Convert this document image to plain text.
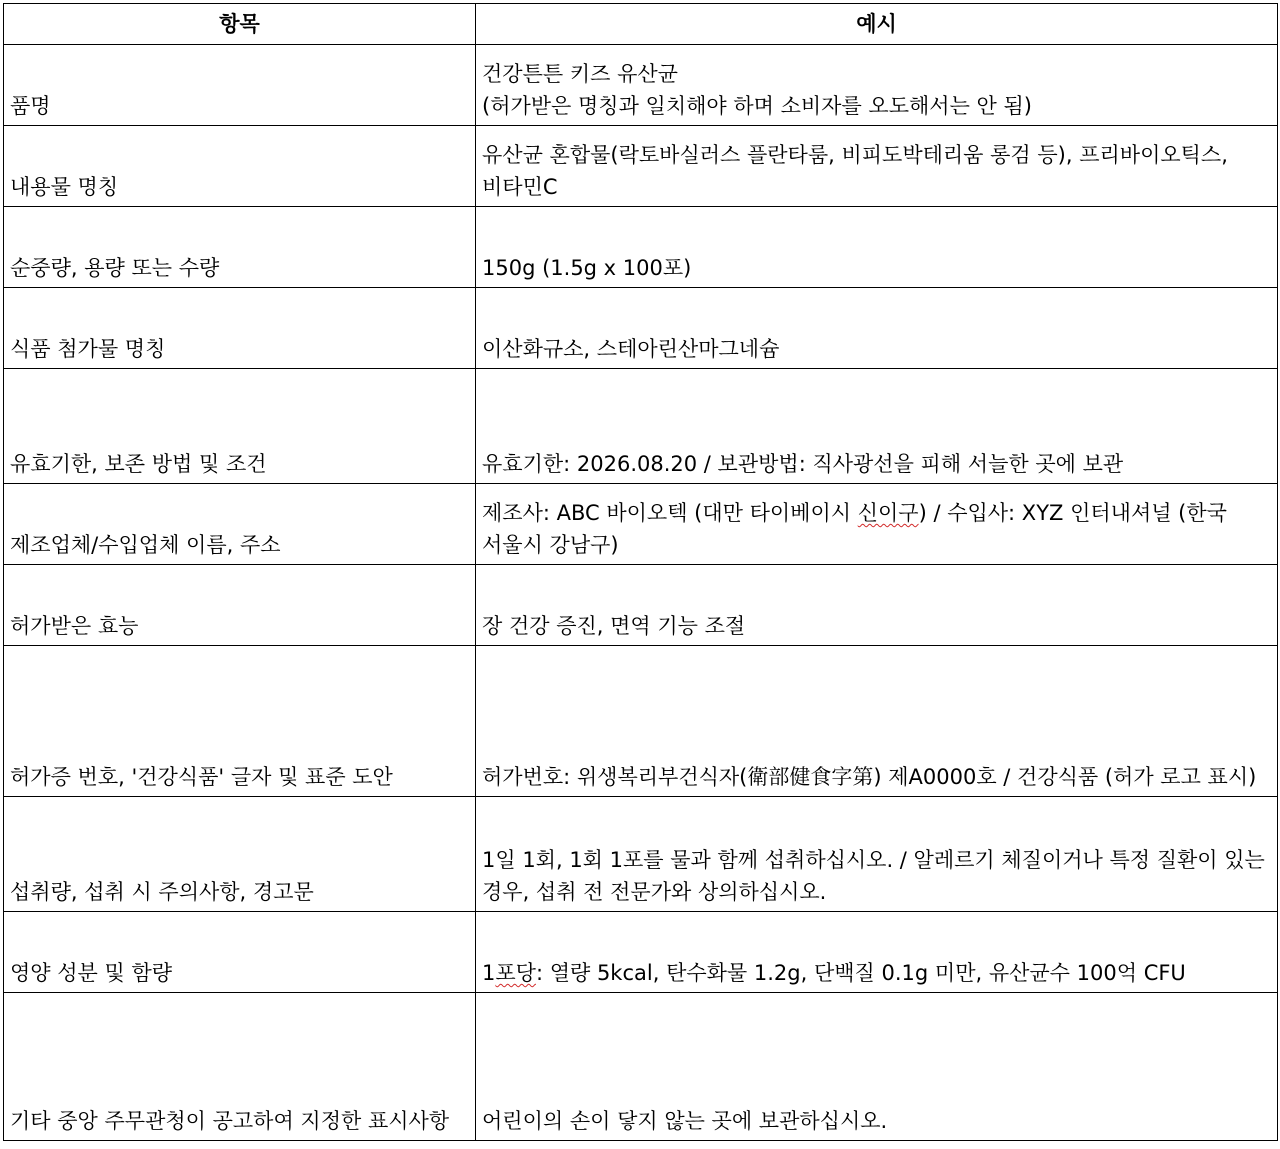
항목	예시
품명	건강튼튼 키즈 유산균
(허가받은 명칭과 일치해야 하며 소비자를 오도해서는 안 됨)
내용물 명칭	유산균 혼합물(락토바실러스 플란타룸, 비피도박테리움 롱검 등), 프리바이오틱스, 비타민C
순중량, 용량 또는 수량	150g (1.5g x 100포)
식품 첨가물 명칭	이산화규소, 스테아린산마그네슘
유효기한, 보존 방법 및 조건	유효기한: 2026.08.20 / 보관방법: 직사광선을 피해 서늘한 곳에 보관
제조업체/수입업체 이름, 주소	제조사: ABC 바이오텍 (대만 타이베이시 신이구) / 수입사: XYZ 인터내셔널 (한국 서울시 강남구)
허가받은 효능	장 건강 증진, 면역 기능 조절
허가증 번호, '건강식품' 글자 및 표준 도안	허가번호: 위생복리부건식자(衛部健食字第) 제A0000호 / 건강식품 (허가 로고 표시)
섭취량, 섭취 시 주의사항, 경고문	1일 1회, 1회 1포를 물과 함께 섭취하십시오. / 알레르기 체질이거나 특정 질환이 있는 경우, 섭취 전 전문가와 상의하십시오.
영양 성분 및 함량	1포당: 열량 5kcal, 탄수화물 1.2g, 단백질 0.1g 미만, 유산균수 100억 CFU
기타 중앙 주무관청이 공고하여 지정한 표시사항	어린이의 손이 닿지 않는 곳에 보관하십시오.
